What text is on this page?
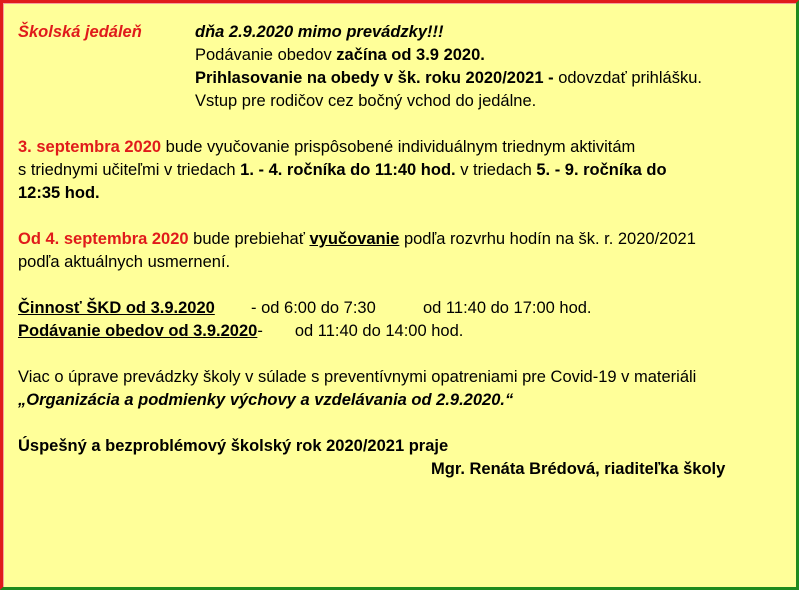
Školská jedáleň	dňa 2.9.2020 mimo prevádzky!!!
Podávanie obedov začína od 3.9 2020.
Prihlasovanie na obedy v šk. roku 2020/2021 - odovzdať prihlášku.
Vstup pre rodičov cez bočný vchod do jedálne.
3. septembra 2020 bude vyučovanie prispôsobené individuálnym triednym aktivitám
s triednymi učiteľmi v triedach 1. - 4. ročníka do 11:40 hod. v triedach 5. - 9. ročníka do
12:35 hod.
Od 4. septembra 2020 bude prebiehať vyučovanie podľa rozvrhu hodín na šk. r. 2020/2021
podľa aktuálnych usmernení.
Činnosť ŠKD od 3.9.2020 - od 6:00 do 7:30	od 11:40 do 17:00 hod.
Podávanie obedov od 3.9.2020- od 11:40 do 14:00 hod.
Viac o úprave prevádzky školy v súlade s preventívnymi opatreniami pre Covid-19 v materiáli
„Organizácia a podmienky výchovy a vzdelávania od 2.9.2020.“
Úspešný a bezproblémový školský rok 2020/2021 praje
Mgr. Renáta Brédová, riaditeľka školy
